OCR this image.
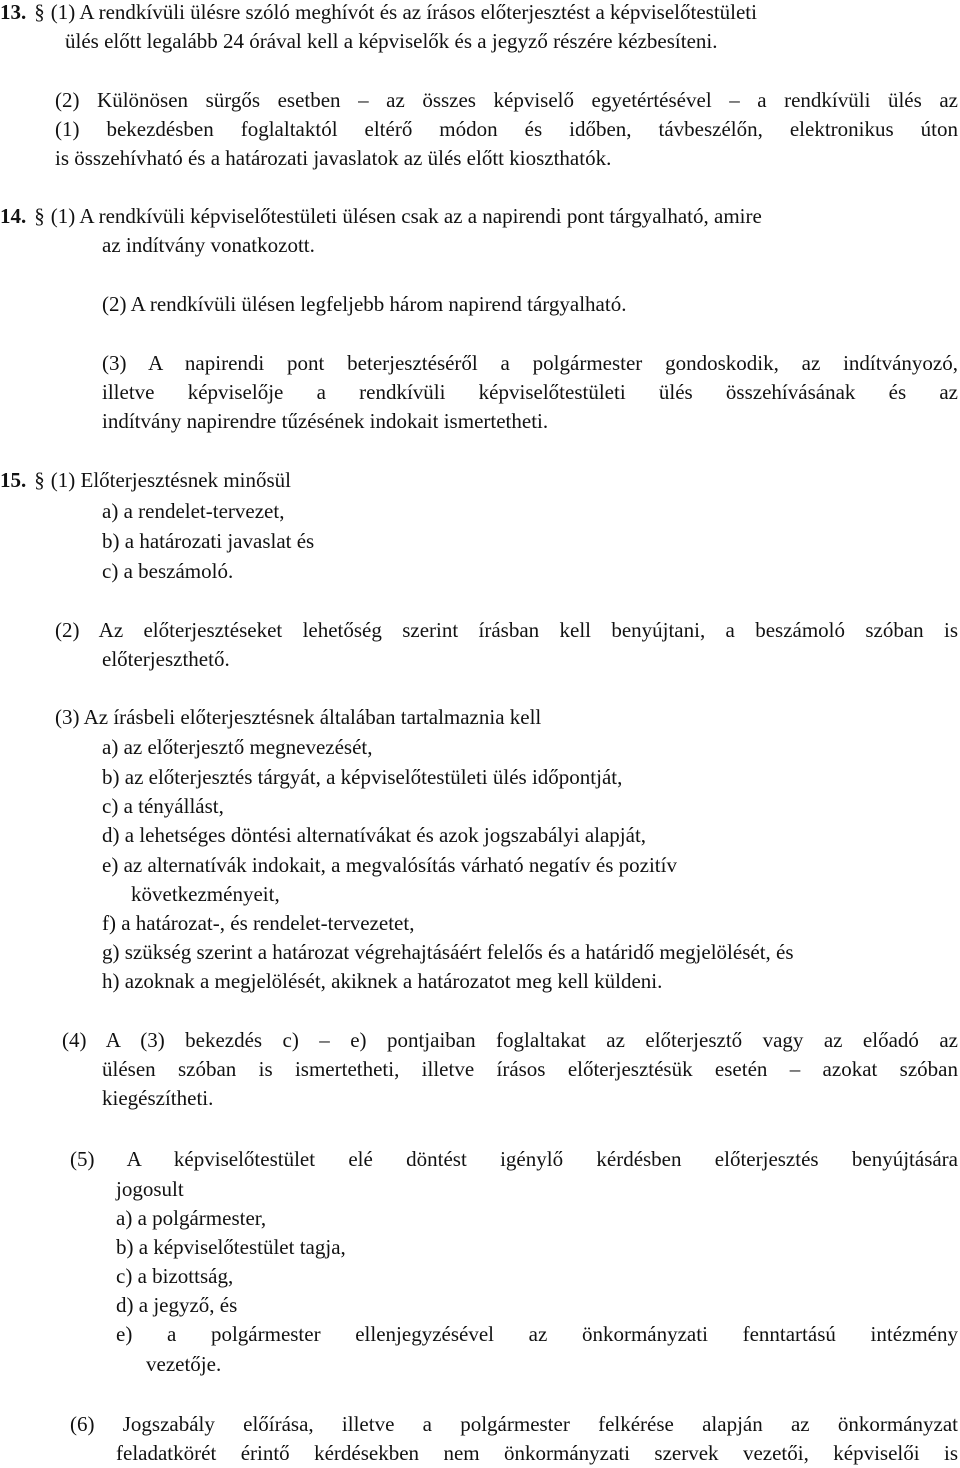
13. § (1) A rendkívüli ülésre szóló meghívót és az írásos előterjesztést a képviselőtestületi
ülés előtt legalább 24 órával kell a képviselők és a jegyző részére kézbesíteni.
(2) Különösen sürgős esetben – az összes képviselő egyetértésével – a rendkívüli ülés az
(1) bekezdésben foglaltaktól eltérő módon és időben, távbeszélőn, elektronikus úton
is összehívható és a határozati javaslatok az ülés előtt kioszthatók.
14. § (1) A rendkívüli képviselőtestületi ülésen csak az a napirendi pont tárgyalható, amire
az indítvány vonatkozott.
(2) A rendkívüli ülésen legfeljebb három napirend tárgyalható.
(3) A napirendi pont beterjesztéséről a polgármester gondoskodik, az indítványozó,
illetve képviselője a rendkívüli képviselőtestületi ülés összehívásának és az
indítvány napirendre tűzésének indokait ismertetheti.
15. § (1) Előterjesztésnek minősül
a) a rendelet-tervezet,
b) a határozati javaslat és
c) a beszámoló.
(2) Az előterjesztéseket lehetőség szerint írásban kell benyújtani, a beszámoló szóban is
előterjeszthető.
(3) Az írásbeli előterjesztésnek általában tartalmaznia kell
a) az előterjesztő megnevezését,
b) az előterjesztés tárgyát, a képviselőtestületi ülés időpontját,
c) a tényállást,
d) a lehetséges döntési alternatívákat és azok jogszabályi alapját,
e) az alternatívák indokait, a megvalósítás várható negatív és pozitív
következményeit,
f) a határozat-, és rendelet-tervezetet,
g) szükség szerint a határozat végrehajtásáért felelős és a határidő megjelölését, és
h) azoknak a megjelölését, akiknek a határozatot meg kell küldeni.
(4) A (3) bekezdés c) – e) pontjaiban foglaltakat az előterjesztő vagy az előadó az
ülésen szóban is ismertetheti, illetve írásos előterjesztésük esetén – azokat szóban
kiegészítheti.
(5) A képviselőtestület elé döntést igénylő kérdésben előterjesztés benyújtására
jogosult
a) a polgármester,
b) a képviselőtestület tagja,
c) a bizottság,
d) a jegyző, és
e) a polgármester ellenjegyzésével az önkormányzati fenntartású intézmény
vezetője.
(6) Jogszabály előírása, illetve a polgármester felkérése alapján az önkormányzat
feladatkörét érintő kérdésekben nem önkormányzati szervek vezetői, képviselői is
